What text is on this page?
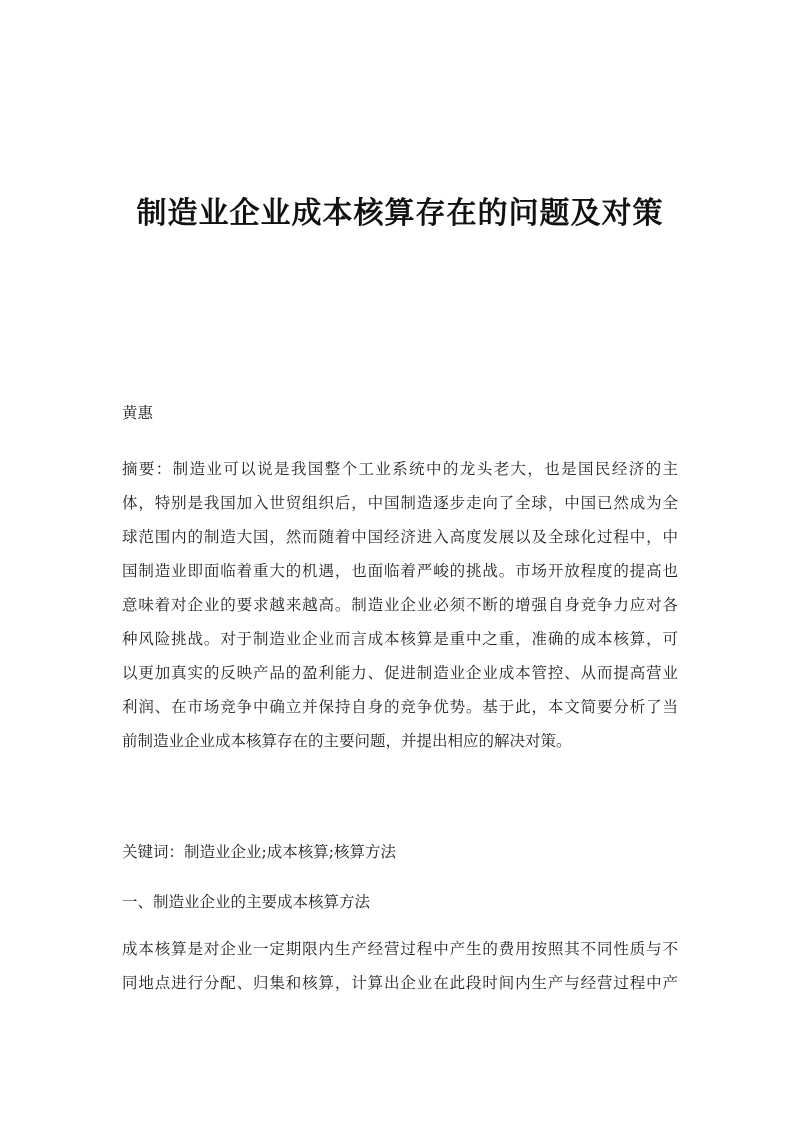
制造业企业成本核算存在的问题及对策
黄惠
摘要：制造业可以说是我国整个工业系统中的龙头老大，也是国民经济的主
体，特别是我国加入世贸组织后，中国制造逐步走向了全球，中国已然成为全
球范围内的制造大国，然而随着中国经济进入高度发展以及全球化过程中，中
国制造业即面临着重大的机遇，也面临着严峻的挑战。市场开放程度的提高也
意味着对企业的要求越来越高。制造业企业必须不断的增强自身竞争力应对各
种风险挑战。对于制造业企业而言成本核算是重中之重，准确的成本核算，可
以更加真实的反映产品的盈利能力、促进制造业企业成本管控、从而提高营业
利润、在市场竞争中确立并保持自身的竞争优势。基于此，本文简要分析了当
前制造业企业成本核算存在的主要问题，并提出相应的解决对策。
关键词：制造业企业;成本核算;核算方法
一、制造业企业的主要成本核算方法
成本核算是对企业一定期限内生产经营过程中产生的费用按照其不同性质与不
同地点进行分配、归集和核算，计算出企业在此段时间内生产与经营过程中产
